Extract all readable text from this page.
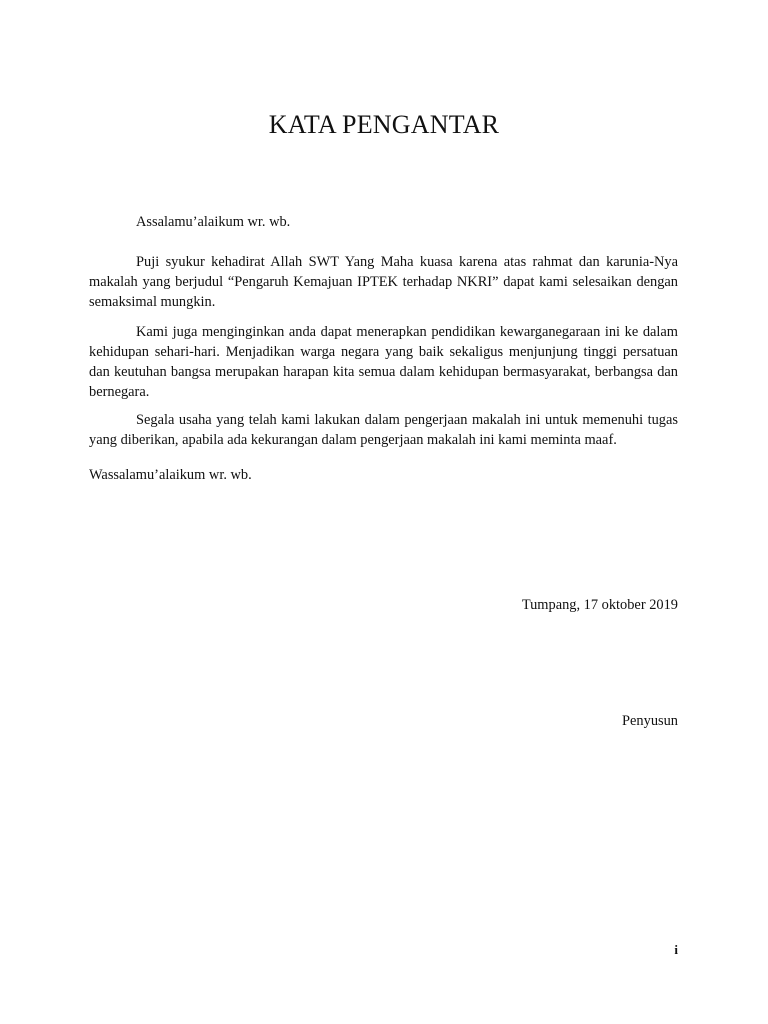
KATA PENGANTAR
Assalamu’alaikum wr. wb.
Puji syukur kehadirat Allah SWT Yang Maha kuasa karena atas rahmat dan karunia-Nya makalah yang berjudul “Pengaruh Kemajuan IPTEK terhadap NKRI” dapat kami selesaikan dengan semaksimal mungkin.
Kami juga menginginkan anda dapat menerapkan pendidikan kewarganegaraan ini ke dalam kehidupan sehari-hari. Menjadikan warga negara yang baik sekaligus menjunjung tinggi persatuan dan keutuhan bangsa merupakan harapan kita semua dalam kehidupan bermasyarakat, berbangsa dan bernegara.
Segala usaha yang telah kami lakukan dalam pengerjaan makalah ini untuk memenuhi tugas yang diberikan, apabila ada kekurangan dalam pengerjaan makalah ini kami meminta maaf.
Wassalamu’alaikum wr. wb.
Tumpang, 17 oktober 2019
Penyusun
i
